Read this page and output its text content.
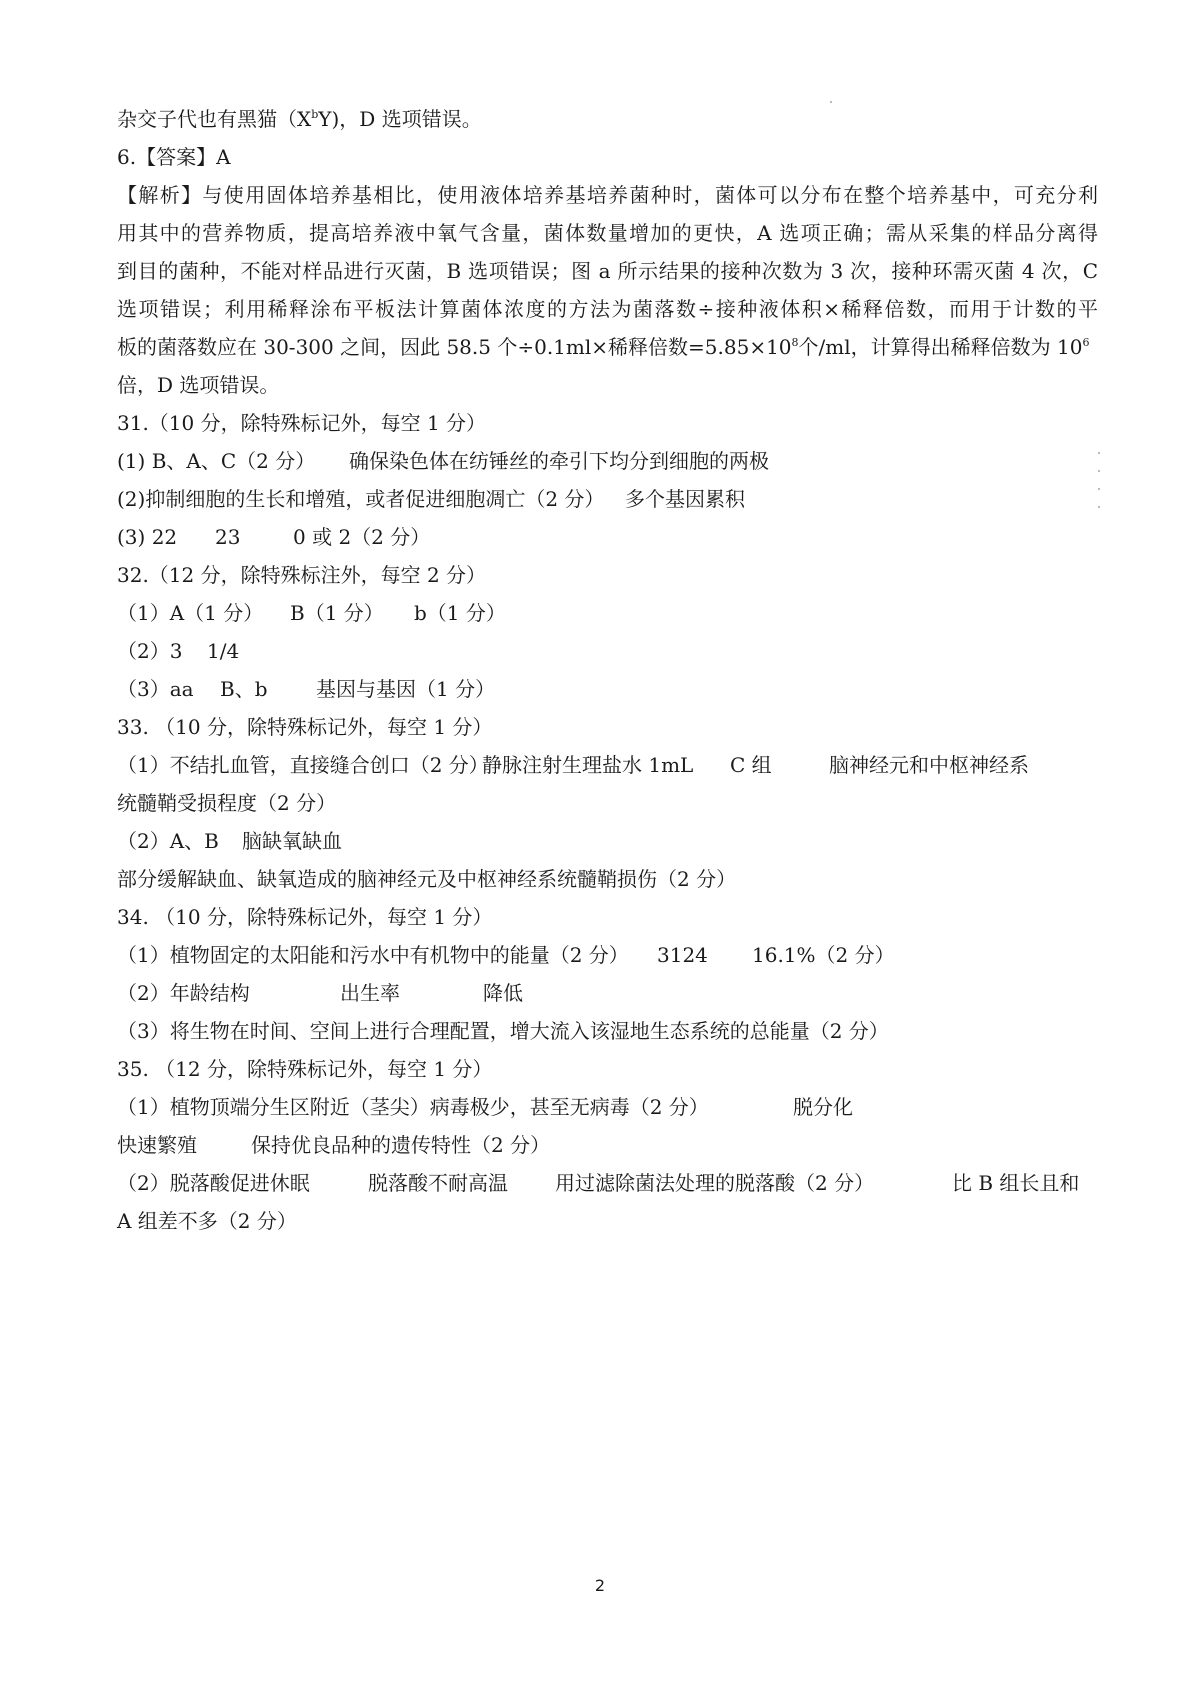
杂交子代也有黑猫$(X^bY)$，D 选项错误。
6.【答案】A
【解析】与使用固体培养基相比，使用液体培养基培养菌种时，菌体可以分布在整个培养基中，可充分利
用其中的营养物质，提高培养液中氧气含量，菌体数量增加的更快，A 选项正确；需从采集的样品分离得
到目的菌种，不能对样品进行灭菌，B 选项错误；图 a 所示结果的接种次数为 3 次，接种环需灭菌 4 次，C
选项错误；利用稀释涂布平板法计算菌体浓度的方法为菌落数÷接种液体积×稀释倍数，而用于计数的平
板的菌落数应在 30-300 之间，因此 58.5 个÷0.1ml×稀释倍数$=5.85\times 10^8$个/ml，计算得出稀释倍数为 $10^6$
倍，D 选项错误。
31.（10 分，除特殊标记外，每空 1 分）
(1) B、A、C（2 分） 确保染色体在纺锤丝的牵引下均分到细胞的两极
(2)抑制细胞的生长和增殖，或者促进细胞凋亡（2 分） 多个基因累积
(3) 22 23	0 或 2（2 分）
32.（12 分，除特殊标注外，每空 2 分）
（1）A（1 分） B（1 分） b（1 分）
（2）3 1/4
（3）aa B、b 基因与基因（1 分）
33. （10 分，除特殊标记外，每空 1 分）
（1）不结扎血管，直接缝合创口（2 分）静脉注射生理盐水 1mL C 组	脑神经元和中枢神经系
统髓鞘受损程度（2 分）
（2）A、B 脑缺氧缺血
部分缓解缺血、缺氧造成的脑神经元及中枢神经系统髓鞘损伤（2 分）
34. （10 分，除特殊标记外，每空 1 分）
（1）植物固定的太阳能和污水中有机物中的能量（2 分） 3124 16.1%（2 分）
（2）年龄结构	出生率	降低
（3）将生物在时间、空间上进行合理配置，增大流入该湿地生态系统的总能量（2 分）
35. （12 分，除特殊标记外，每空 1 分）
（1）植物顶端分生区附近（茎尖）病毒极少，甚至无病毒（2 分）	脱分化
快速繁殖	保持优良品种的遗传特性（2 分）
（2）脱落酸促进休眠	脱落酸不耐高温 用过滤除菌法处理的脱落酸（2 分）	比 B 组长且和
A 组差不多（2 分）
2
